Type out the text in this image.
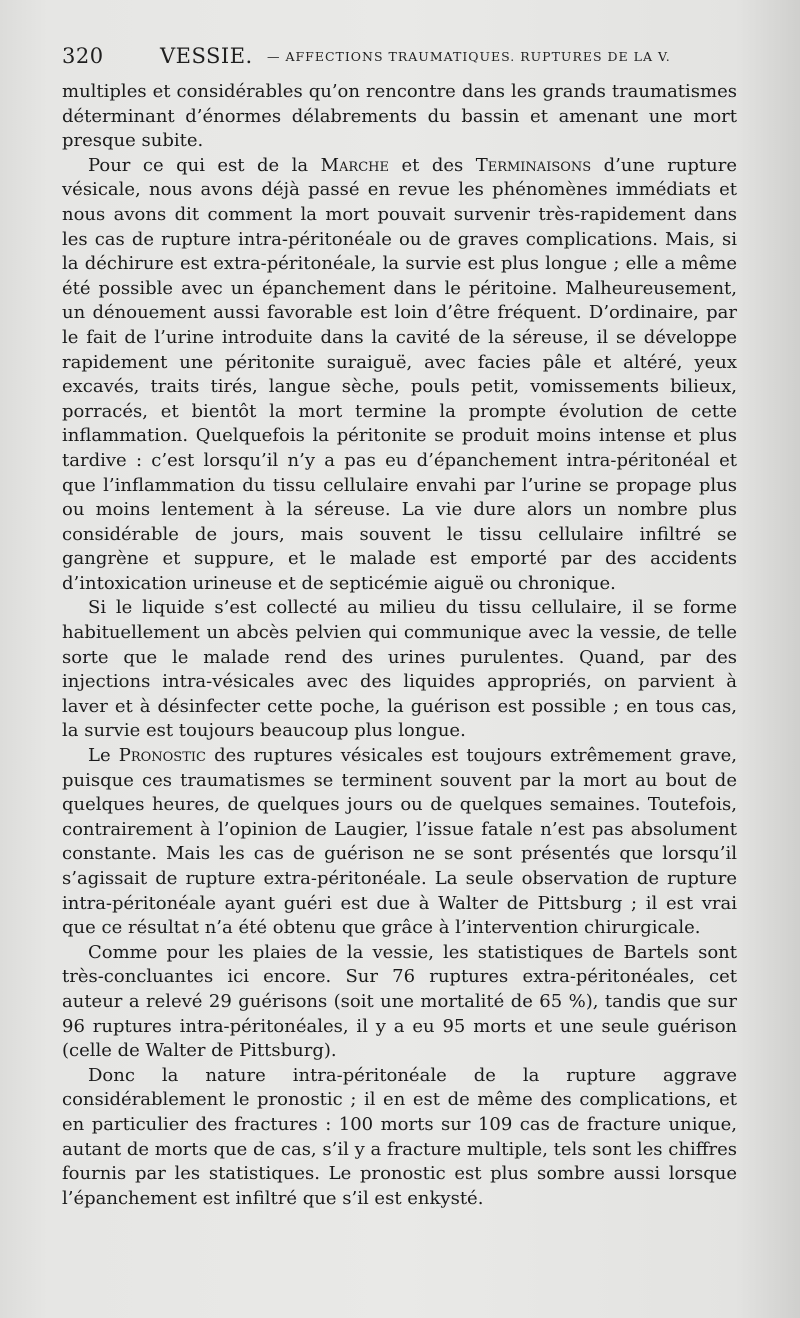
320	VESSIE. — AFFECTIONS TRAUMATIQUES. RUPTURES DE LA V.

multiples et considérables qu’on rencontre dans les grands traumatismes déterminant d’énormes délabrements du bassin et amenant une mort presque subite.

Pour ce qui est de la Marche et des Terminaisons d’une rupture vésicale, nous avons déjà passé en revue les phénomènes immédiats et nous avons dit comment la mort pouvait survenir très-rapidement dans les cas de rupture intra-péritonéale ou de graves complications. Mais, si la déchirure est extra-péritonéale, la survie est plus longue ; elle a même été possible avec un épanchement dans le péritoine. Malheureusement, un dénouement aussi favorable est loin d’être fréquent. D’ordinaire, par le fait de l’urine introduite dans la cavité de la séreuse, il se développe rapidement une péritonite suraiguë, avec facies pâle et altéré, yeux excavés, traits tirés, langue sèche, pouls petit, vomissements bilieux, porracés, et bientôt la mort termine la prompte évolution de cette inflammation. Quelquefois la péritonite se produit moins intense et plus tardive : c’est lorsqu’il n’y a pas eu d’épanchement intra-péritonéal et que l’inflammation du tissu cellulaire envahi par l’urine se propage plus ou moins lentement à la séreuse. La vie dure alors un nombre plus considérable de jours, mais souvent le tissu cellulaire infiltré se gangrène et suppure, et le malade est emporté par des accidents d’intoxication urineuse et de septicémie aiguë ou chronique.

Si le liquide s’est collecté au milieu du tissu cellulaire, il se forme habituellement un abcès pelvien qui communique avec la vessie, de telle sorte que le malade rend des urines purulentes. Quand, par des injections intra-vésicales avec des liquides appropriés, on parvient à laver et à désinfecter cette poche, la guérison est possible ; en tous cas, la survie est toujours beaucoup plus longue.

Le Pronostic des ruptures vésicales est toujours extrêmement grave, puisque ces traumatismes se terminent souvent par la mort au bout de quelques heures, de quelques jours ou de quelques semaines. Toutefois, contrairement à l’opinion de Laugier, l’issue fatale n’est pas absolument constante. Mais les cas de guérison ne se sont présentés que lorsqu’il s’agissait de rupture extra-péritonéale. La seule observation de rupture intra-péritonéale ayant guéri est due à Walter de Pittsburg ; il est vrai que ce résultat n’a été obtenu que grâce à l’intervention chirurgicale.

Comme pour les plaies de la vessie, les statistiques de Bartels sont très-concluantes ici encore. Sur 76 ruptures extra-péritonéales, cet auteur a relevé 29 guérisons (soit une mortalité de 65 %), tandis que sur 96 ruptures intra-péritonéales, il y a eu 95 morts et une seule guérison (celle de Walter de Pittsburg).

Donc la nature intra-péritonéale de la rupture aggrave considérablement le pronostic ; il en est de même des complications, et en particulier des fractures : 100 morts sur 109 cas de fracture unique, autant de morts que de cas, s’il y a fracture multiple, tels sont les chiffres fournis par les statistiques. Le pronostic est plus sombre aussi lorsque l’épanchement est infiltré que s’il est enkysté.
